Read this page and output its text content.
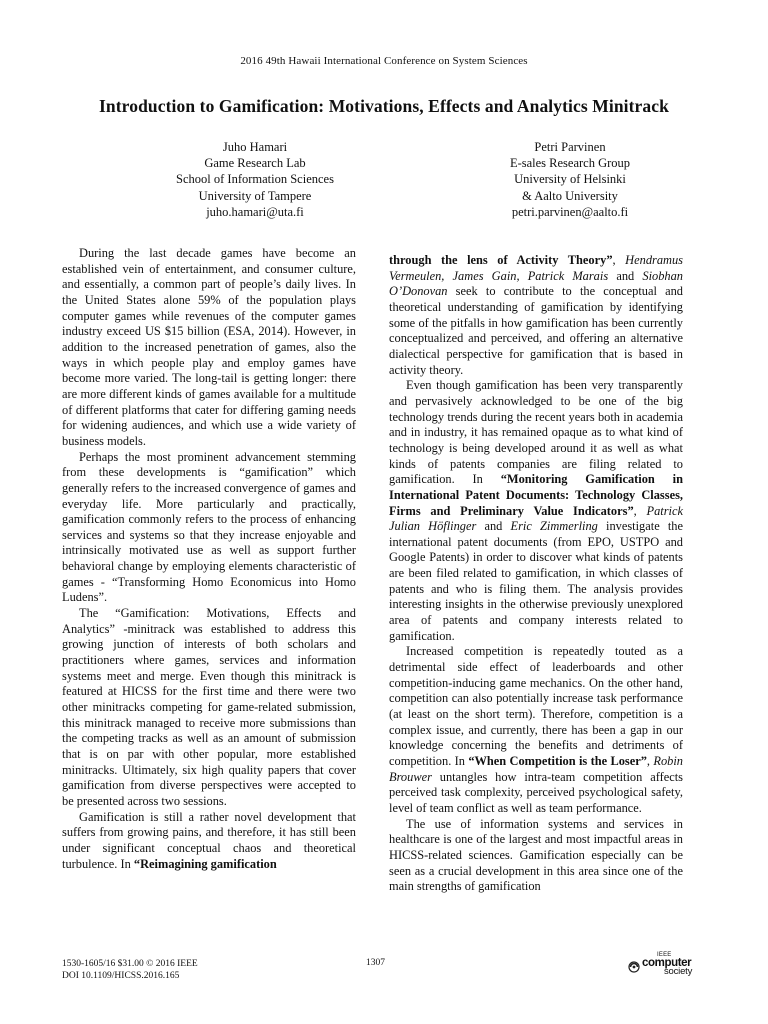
2016 49th Hawaii International Conference on System Sciences
Introduction to Gamification: Motivations, Effects and Analytics Minitrack
Juho Hamari
Game Research Lab
School of Information Sciences
University of Tampere
juho.hamari@uta.fi
Petri Parvinen
E-sales Research Group
University of Helsinki
& Aalto University
petri.parvinen@aalto.fi

During the last decade games have become an established vein of entertainment, and consumer culture, and essentially, a common part of people’s daily lives. In the United States alone 59% of the population plays computer games while revenues of the computer games industry exceed US $15 billion (ESA, 2014). However, in addition to the increased penetration of games, also the ways in which people play and employ games have become more varied. The long-tail is getting longer: there are more different kinds of games available for a multitude of different platforms that cater for differing gaming needs for widening audiences, and which use a wide variety of business models.

Perhaps the most prominent advancement stemming from these developments is “gamification” which generally refers to the increased convergence of games and everyday life. More particularly and practically, gamification commonly refers to the process of enhancing services and systems so that they increase enjoyable and intrinsically motivated use as well as support further behavioral change by employing elements characteristic of games - “Transforming Homo Economicus into Homo Ludens”.

The “Gamification: Motivations, Effects and Analytics” -minitrack was established to address this growing junction of interests of both scholars and practitioners where games, services and information systems meet and merge. Even though this minitrack is featured at HICSS for the first time and there were two other minitracks competing for game-related submission, this minitrack managed to receive more submissions than the competing tracks as well as an amount of submission that is on par with other popular, more established minitracks. Ultimately, six high quality papers that cover gamification from diverse perspectives were accepted to be presented across two sessions.

Gamification is still a rather novel development that suffers from growing pains, and therefore, it has still been under significant conceptual chaos and theoretical turbulence. In “Reimagining gamification

through the lens of Activity Theory”, Hendramus Vermeulen, James Gain, Patrick Marais and Siobhan O’Donovan seek to contribute to the conceptual and theoretical understanding of gamification by identifying some of the pitfalls in how gamification has been currently conceptualized and perceived, and offering an alternative dialectical perspective for gamification that is based in activity theory.

Even though gamification has been very transparently and pervasively acknowledged to be one of the big technology trends during the recent years both in academia and in industry, it has remained opaque as to what kind of technology is being developed around it as well as what kinds of patents companies are filing related to gamification. In “Monitoring Gamification in International Patent Documents: Technology Classes, Firms and Preliminary Value Indicators”, Patrick Julian Höflinger and Eric Zimmerling investigate the international patent documents (from EPO, USTPO and Google Patents) in order to discover what kinds of patents are been filed related to gamification, in which classes of patents and who is filing them. The analysis provides interesting insights in the otherwise previously unexplored area of patents and company interests related to gamification.

Increased competition is repeatedly touted as a detrimental side effect of leaderboards and other competition-inducing game mechanics. On the other hand, competition can also potentially increase task performance (at least on the short term). Therefore, competition is a complex issue, and currently, there has been a gap in our knowledge concerning the benefits and detriments of competition. In “When Competition is the Loser”, Robin Brouwer untangles how intra-team competition affects perceived task complexity, perceived psychological safety, level of team conflict as well as team performance.

The use of information systems and services in healthcare is one of the largest and most impactful areas in HICSS-related sciences. Gamification especially can be seen as a crucial development in this area since one of the main strengths of gamification

1530-1605/16 $31.00 © 2016 IEEE
DOI 10.1109/HICSS.2016.165
1307
IEEE
computer
society
